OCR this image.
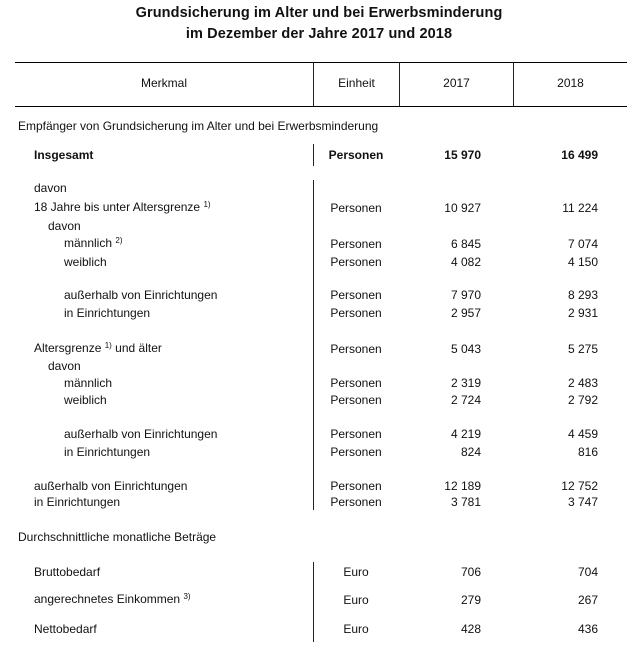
Grundsicherung im Alter und bei Erwerbsminderung
im Dezember der Jahre 2017 und 2018
Merkmal	Einheit	2017	2018
Empfänger von Grundsicherung im Alter und bei Erwerbsminderung
Durchschnittliche monatliche Beträge
Insgesamt	Personen	15 970	16 499
davon
18 Jahre bis unter Altersgrenze $^{1)}$	Personen	10 927	11 224
davon
männlich $^{2)}$	Personen	6 845	7 074
weiblich	Personen	4 082	4 150
außerhalb von Einrichtungen	Personen	7 970	8 293
in Einrichtungen	Personen	2 957	2 931
Altersgrenze $^{1)}$ und älter	Personen	5 043	5 275
davon
männlich	Personen	2 319	2 483
weiblich	Personen	2 724	2 792
außerhalb von Einrichtungen	Personen	4 219	4 459
in Einrichtungen	Personen	824	816
außerhalb von Einrichtungen	Personen	12 189	12 752
in Einrichtungen	Personen	3 781	3 747
Bruttobedarf	Euro	706	704
angerechnetes Einkommen $^{3)}$	Euro	279	267
Nettobedarf	Euro	428	436
